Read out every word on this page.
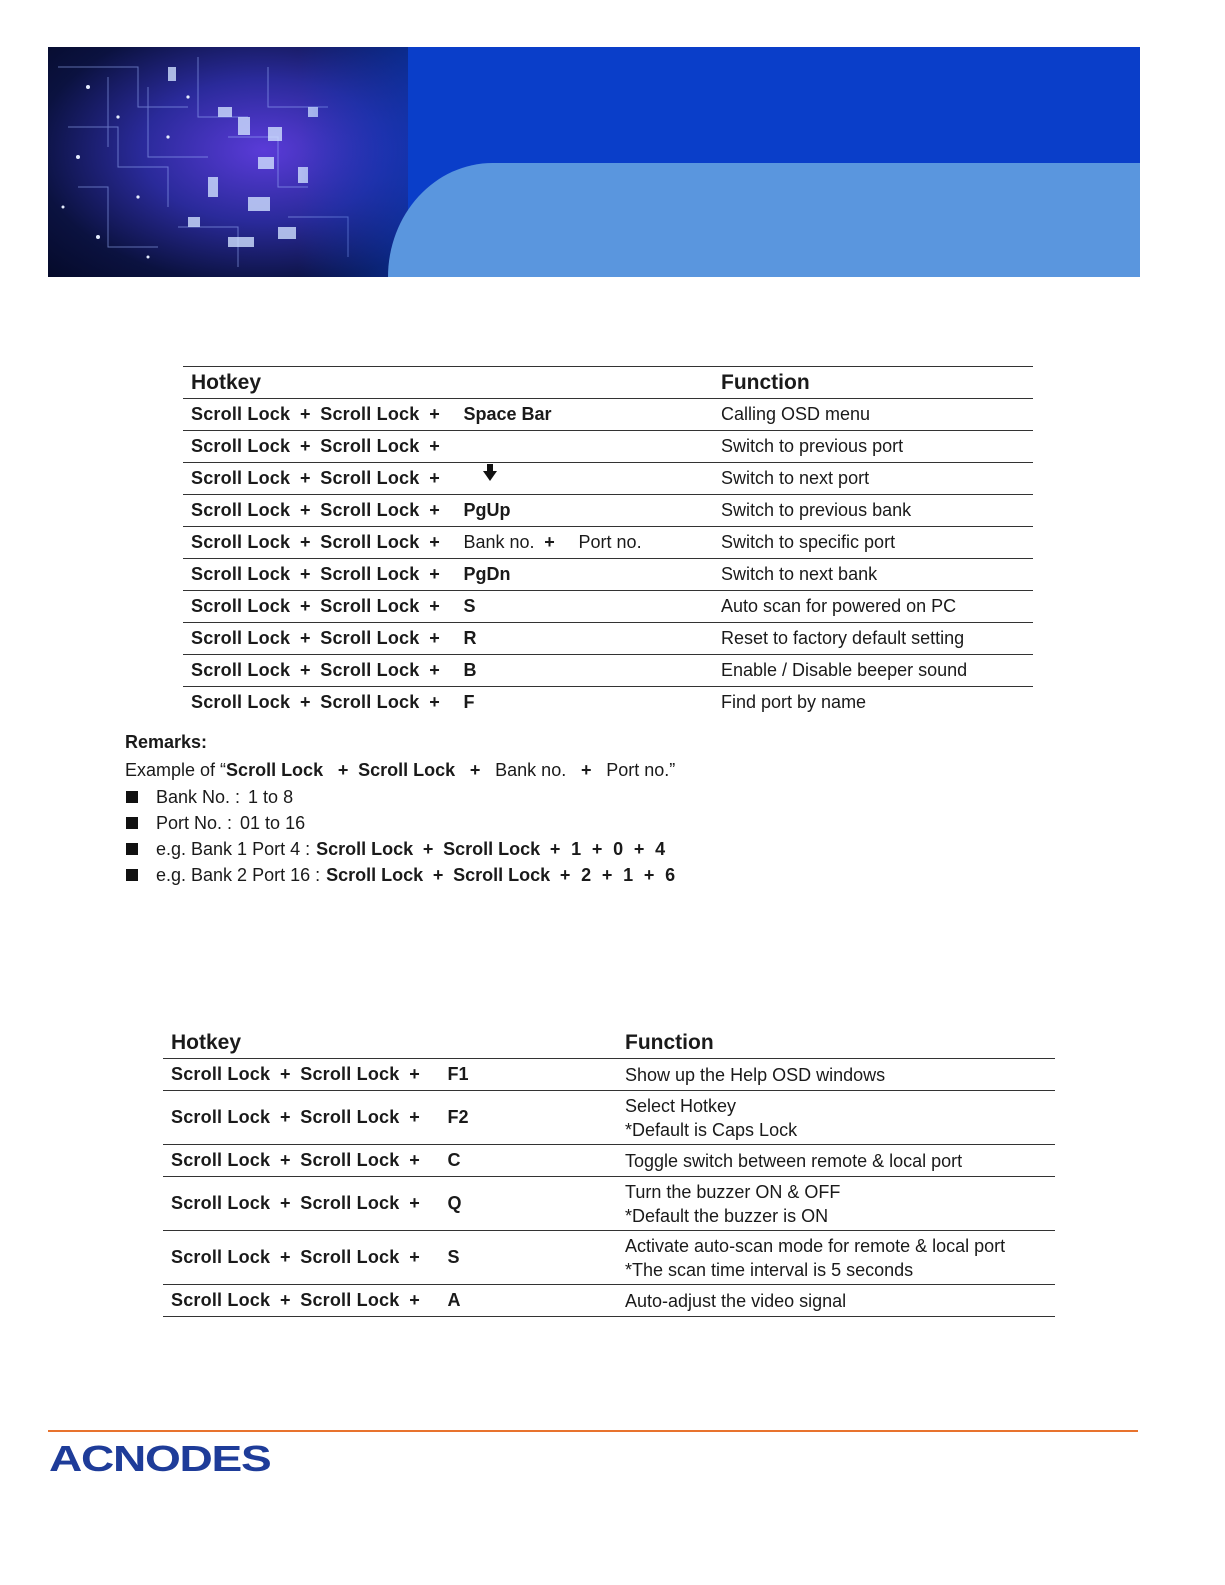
Hotkey	Function
Scroll Lock + Scroll Lock + Space Bar	Calling OSD menu
Scroll Lock + Scroll Lock +	Switch to previous port
Scroll Lock + Scroll Lock +	Switch to next port
Scroll Lock + Scroll Lock + PgUp	Switch to previous bank
Scroll Lock + Scroll Lock + Bank no. + Port no.	Switch to specific port
Scroll Lock + Scroll Lock + PgDn	Switch to next bank
Scroll Lock + Scroll Lock + S	Auto scan for powered on PC
Scroll Lock + Scroll Lock + R	Reset to factory default setting
Scroll Lock + Scroll Lock + B	Enable / Disable beeper sound
Scroll Lock + Scroll Lock + F	Find port by name
Remarks:
Example of “Scroll Lock + Scroll Lock + Bank no. + Port no.”
Bank No. : 1 to 8
Port No. : 01 to 16
e.g. Bank 1 Port 4 : Scroll Lock + Scroll Lock + 1 + 0 + 4
e.g. Bank 2 Port 16 : Scroll Lock + Scroll Lock + 2 + 1 + 6
Hotkey	Function
Scroll Lock + Scroll Lock + F1	Show up the Help OSD windows

Scroll Lock + Scroll Lock + F2	Select Hotkey
*Default is Caps Lock

Scroll Lock + Scroll Lock + C	Toggle switch between remote & local port

Scroll Lock + Scroll Lock + Q	Turn the buzzer ON & OFF
*Default the buzzer is ON

Scroll Lock + Scroll Lock + S	Activate auto-scan mode for remote & local port
*The scan time interval is 5 seconds

Scroll Lock + Scroll Lock + A	Auto-adjust the video signal
ACNODES
